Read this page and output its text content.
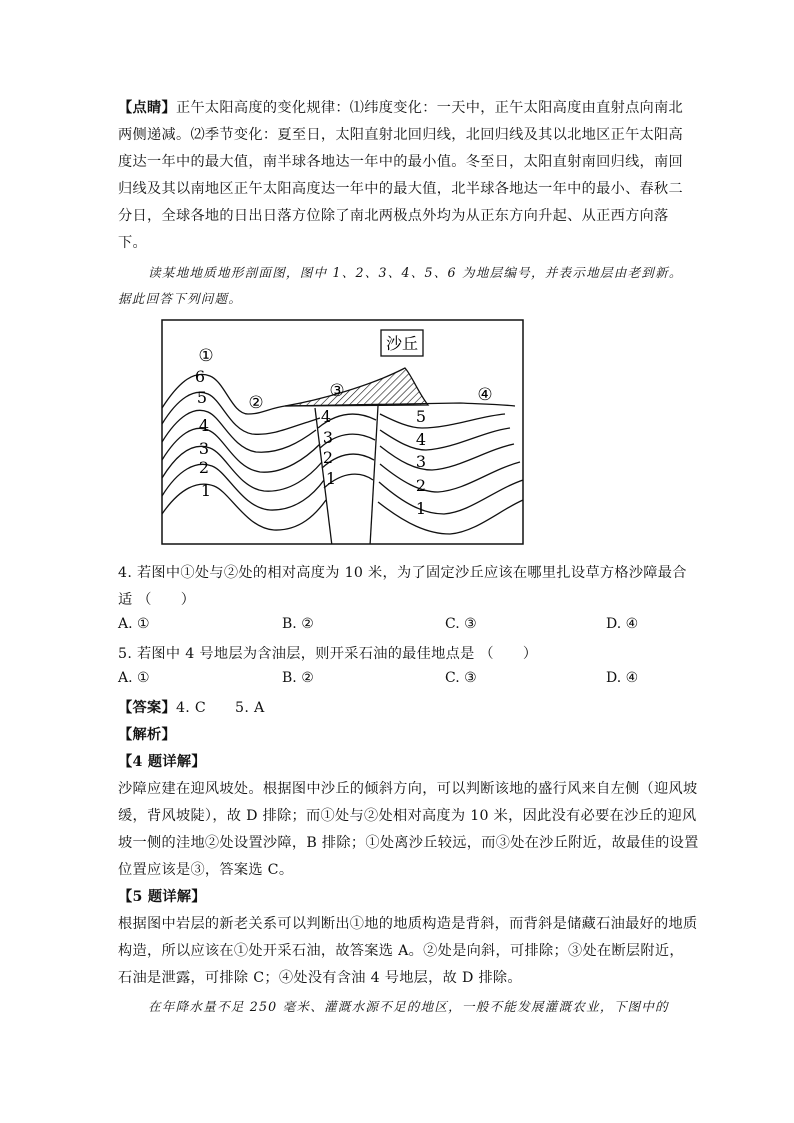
【点睛】正午太阳高度的变化规律：⑴纬度变化：一天中，正午太阳高度由直射点向南北
两侧递减。⑵季节变化：夏至日，太阳直射北回归线，北回归线及其以北地区正午太阳高
度达一年中的最大值，南半球各地达一年中的最小值。冬至日，太阳直射南回归线，南回
归线及其以南地区正午太阳高度达一年中的最大值，北半球各地达一年中的最小、春秋二
分日，全球各地的日出日落方位除了南北两极点外均为从正东方向升起、从正西方向落
下。
读某地地质地形剖面图，图中 1、2、3、4、5、6 为地层编号，并表示地层由老到新。
据此回答下列问题。
沙丘
①
②
③	④
6
5
4
3
2
1
4
3
2
1
5
4
3
2
1
4. 若图中①处与②处的相对高度为 10 米，为了固定沙丘应该在哪里扎设草方格沙障最合
适 （　　）
A. ①	B. ②	C. ③	D. ④
5. 若图中 4 号地层为含油层，则开采石油的最佳地点是 （　　）
A. ①	B. ②	C. ③	D. ④
【答案】4. C　　5. A
【解析】
【4 题详解】
沙障应建在迎风坡处。根据图中沙丘的倾斜方向，可以判断该地的盛行风来自左侧（迎风坡
缓，背风坡陡），故 D 排除；而①处与②处相对高度为 10 米，因此没有必要在沙丘的迎风
坡一侧的洼地②处设置沙障，B 排除；①处离沙丘较远，而③处在沙丘附近，故最佳的设置
位置应该是③，答案选 C。
【5 题详解】
根据图中岩层的新老关系可以判断出①地的地质构造是背斜，而背斜是储藏石油最好的地质
构造，所以应该在①处开采石油，故答案选 A。②处是向斜，可排除；③处在断层附近，
石油是泄露，可排除 C；④处没有含油 4 号地层，故 D 排除。
在年降水量不足 250 毫米、灌溉水源不足的地区，一般不能发展灌溉农业，下图中的
